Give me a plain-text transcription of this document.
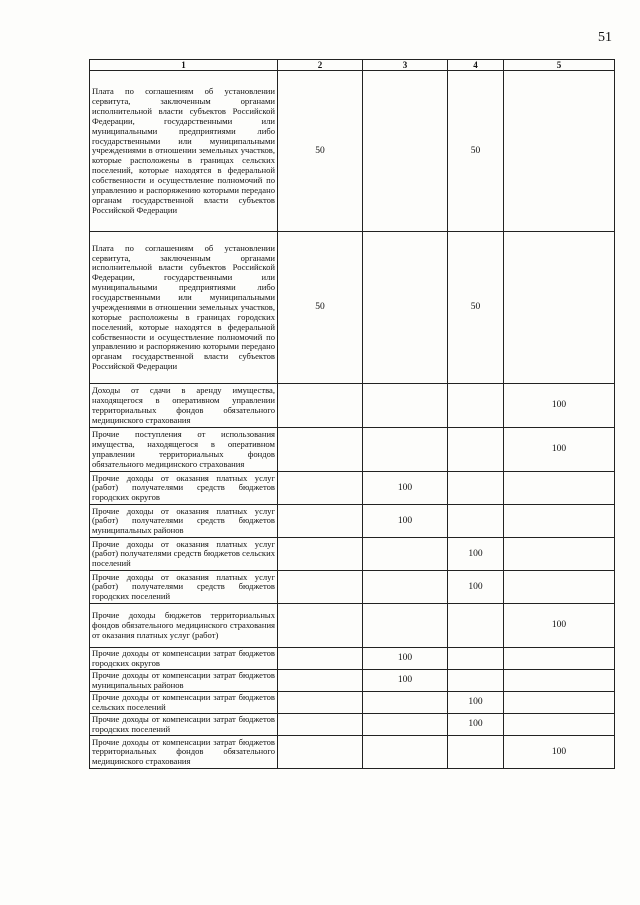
51
1	2	3	4	5
Плата по соглашениям об установлении сервитута, заключенным органами исполнительной власти субъектов Российской Федерации, государственными или муниципальными предприятиями либо государственными или муниципальными учреждениями в отношении земельных участков, которые расположены в границах сельских поселений, которые находятся в федеральной собственности и осуществление полномочий по управлению и распоряжению которыми передано органам государственной власти субъектов Российской Федерации	50		50	
Плата по соглашениям об установлении сервитута, заключенным органами исполнительной власти субъектов Российской Федерации, государственными или муниципальными предприятиями либо государственными или муниципальными учреждениями в отношении земельных участков, которые расположены в границах городских поселений, которые находятся в федеральной собственности и осуществление полномочий по управлению и распоряжению которыми передано органам государственной власти субъектов Российской Федерации	50		50	
Доходы от сдачи в аренду имущества, находящегося в оперативном управлении территориальных фондов обязательного медицинского страхования				100
Прочие поступления от использования имущества, находящегося в оперативном управлении территориальных фондов обязательного медицинского страхования				100
Прочие доходы от оказания платных услуг (работ) получателями средств бюджетов городских округов		100		
Прочие доходы от оказания платных услуг (работ) получателями средств бюджетов муниципальных районов		100		
Прочие доходы от оказания платных услуг (работ) получателями средств бюджетов сельских поселений			100	
Прочие доходы от оказания платных услуг (работ) получателями средств бюджетов городских поселений			100	
Прочие доходы бюджетов территориальных фондов обязательного медицинского страхования от оказания платных услуг (работ)				100
Прочие доходы от компенсации затрат бюджетов городских округов		100		
Прочие доходы от компенсации затрат бюджетов муниципальных районов		100		
Прочие доходы от компенсации затрат бюджетов сельских поселений			100	
Прочие доходы от компенсации затрат бюджетов городских поселений			100	
Прочие доходы от компенсации затрат бюджетов территориальных фондов обязательного медицинского страхования				100
